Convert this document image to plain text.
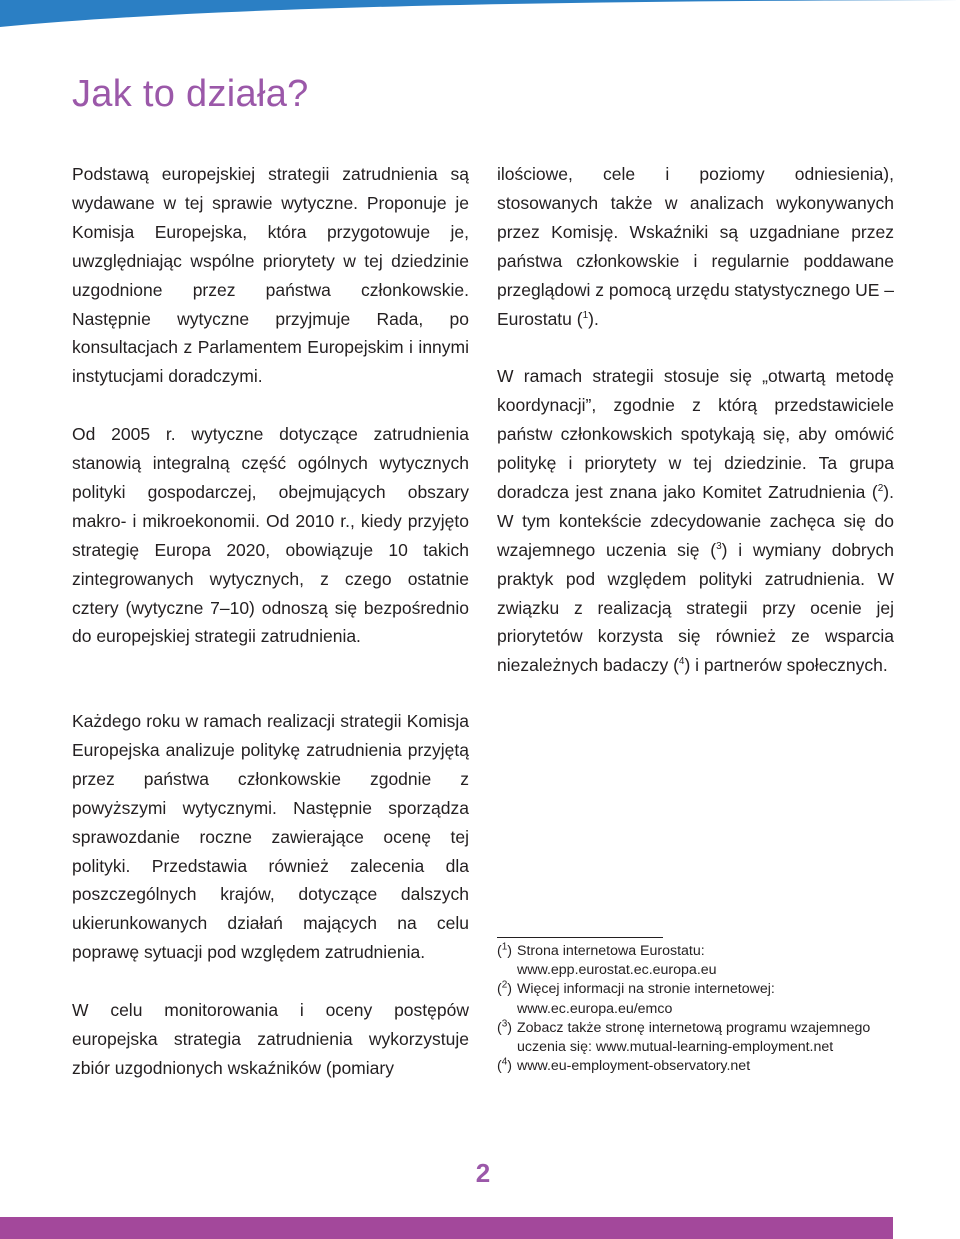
Jak to działa?

Podstawą europejskiej strategii zatrudnienia są wydawane w tej sprawie wytyczne. Proponuje je Komisja Europejska, która przygotowuje je, uwzględniając wspólne priorytety w tej dziedzinie uzgodnione przez państwa członkowskie. Następnie wytyczne przyjmuje Rada, po konsultacjach z Parlamentem Europejskim i innymi instytucjami doradczymi.

Od 2005 r. wytyczne dotyczące zatrudnienia stanowią integralną część ogólnych wytycznych polityki gospodarczej, obejmujących obszary makro- i mikroekonomii. Od 2010 r., kiedy przyjęto strategię Europa 2020, obowiązuje 10 takich zintegrowanych wytycznych, z czego ostatnie cztery (wytyczne 7–10) odnoszą się bezpośrednio do europejskiej strategii zatrudnienia.

Każdego roku w ramach realizacji strategii Komisja Europejska analizuje politykę zatrudnienia przyjętą przez państwa członkowskie zgodnie z powyższymi wytycznymi. Następnie sporządza sprawozdanie roczne zawierające ocenę tej polityki. Przedstawia również zalecenia dla poszczególnych krajów, dotyczące dalszych ukierunkowanych działań mających na celu poprawę sytuacji pod względem zatrudnienia.

W celu monitorowania i oceny postępów europejska strategia zatrudnienia wykorzystuje zbiór uzgodnionych wskaźników (pomiary

ilościowe, cele i poziomy odniesienia), stosowanych także w analizach wykonywanych przez Komisję. Wskaźniki są uzgadniane przez państwa członkowskie i regularnie poddawane przeglądowi z pomocą urzędu statystycznego UE – Eurostatu ($^1$).

W ramach strategii stosuje się „otwartą metodę koordynacji”, zgodnie z którą przedstawiciele państw członkowskich spotykają się, aby omówić politykę i priorytety w tej dziedzinie. Ta grupa doradcza jest znana jako Komitet Zatrudnienia ($^2$). W tym kontekście zdecydowanie zachęca się do wzajemnego uczenia się ($^3$) i wymiany dobrych praktyk pod względem polityki zatrudnienia. W związku z realizacją strategii przy ocenie jej priorytetów korzysta się również ze wsparcia niezależnych badaczy ($^4$) i partnerów społecznych.

($^1$) Strona internetowa Eurostatu:
www.epp.eurostat.ec.europa.eu
($^2$) Więcej informacji na stronie internetowej:
www.ec.europa.eu/emco
($^3$) Zobacz także stronę internetową programu wzajemnego uczenia się: www.mutual-learning-employment.net
($^4$) www.eu-employment-observatory.net
2
